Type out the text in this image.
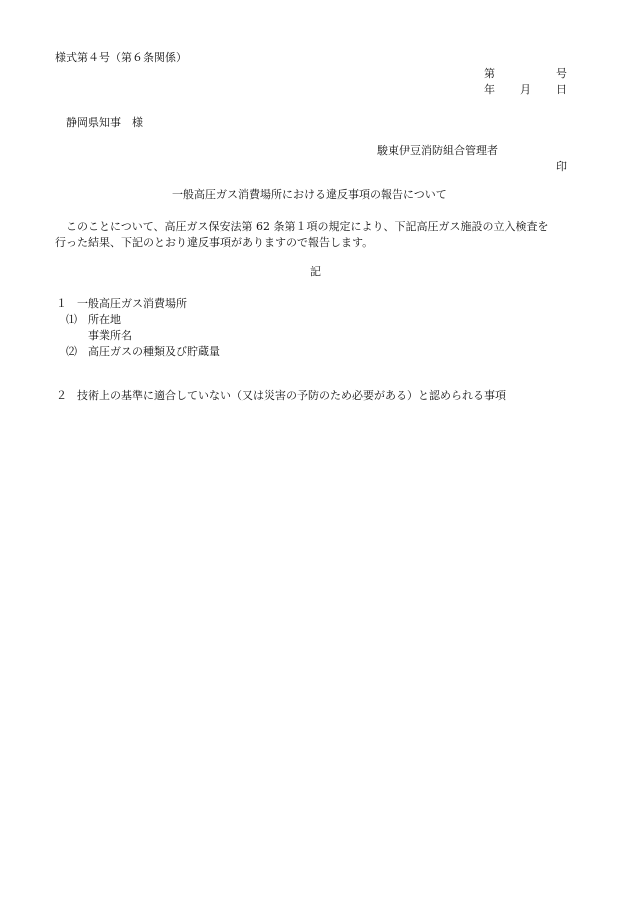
様式第４号（第６条関係）
第	号
年 月 日
静岡県知事　様
駿東伊豆消防組合管理者
印
一般高圧ガス消費場所における違反事項の報告について
このことについて、高圧ガス保安法第 62 条第１項の規定により、下記高圧ガス施設の立入検査を
行った結果、下記のとおり違反事項がありますので報告します。
記
１ 一般高圧ガス消費場所
⑴ 所在地
事業所名
⑵ 高圧ガスの種類及び貯蔵量
２ 技術上の基準に適合していない（又は災害の予防のため必要がある）と認められる事項
